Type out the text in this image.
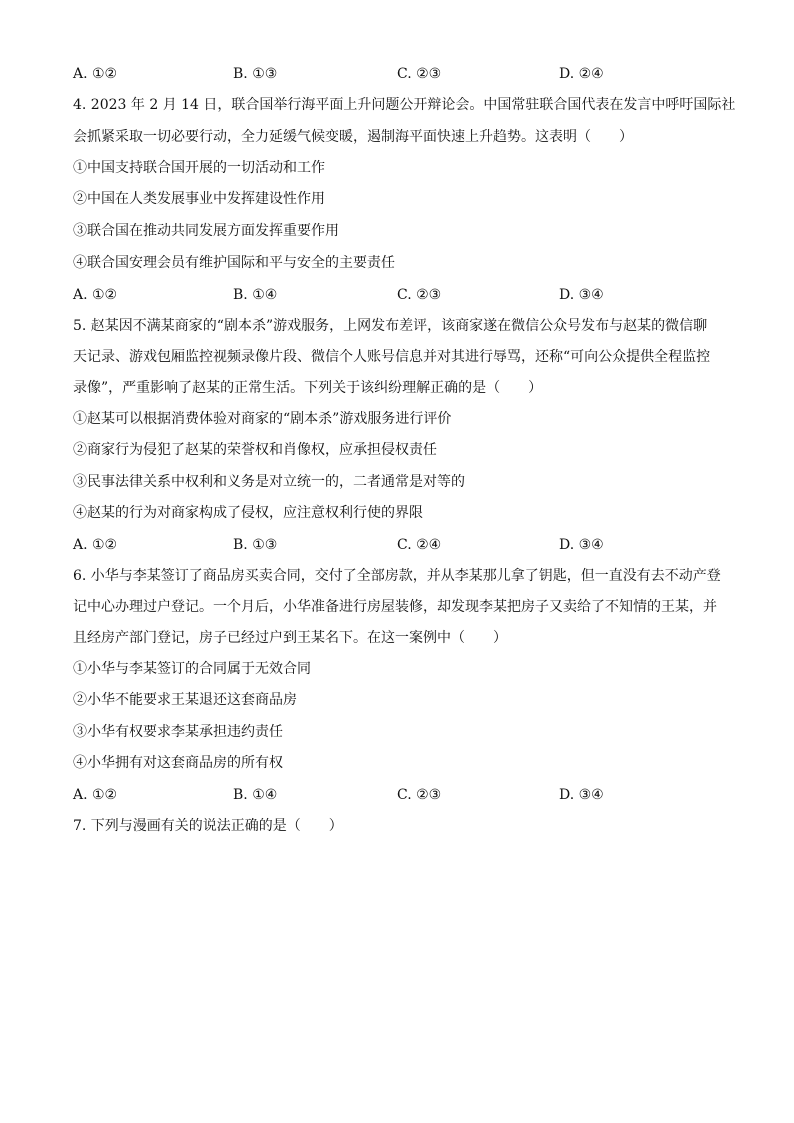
A. ①②	B. ①③	C. ②③	D. ②④
4. 2023 年 2 月 14 日，联合国举行海平面上升问题公开辩论会。中国常驻联合国代表在发言中呼吁国际社
会抓紧采取一切必要行动，全力延缓气候变暖，遏制海平面快速上升趋势。这表明（　　）
①中国支持联合国开展的一切活动和工作
②中国在人类发展事业中发挥建设性作用
③联合国在推动共同发展方面发挥重要作用
④联合国安理会员有维护国际和平与安全的主要责任
A. ①②	B. ①④	C. ②③	D. ③④
5. 赵某因不满某商家的“剧本杀”游戏服务，上网发布差评，该商家遂在微信公众号发布与赵某的微信聊
天记录、游戏包厢监控视频录像片段、微信个人账号信息并对其进行辱骂，还称“可向公众提供全程监控
录像”，严重影响了赵某的正常生活。下列关于该纠纷理解正确的是（　　）
①赵某可以根据消费体验对商家的“剧本杀”游戏服务进行评价
②商家行为侵犯了赵某的荣誉权和肖像权，应承担侵权责任
③民事法律关系中权利和义务是对立统一的，二者通常是对等的
④赵某的行为对商家构成了侵权，应注意权利行使的界限
A. ①②	B. ①③	C. ②④	D. ③④
6. 小华与李某签订了商品房买卖合同，交付了全部房款，并从李某那儿拿了钥匙，但一直没有去不动产登
记中心办理过户登记。一个月后，小华准备进行房屋装修，却发现李某把房子又卖给了不知情的王某，并
且经房产部门登记，房子已经过户到王某名下。在这一案例中（　　）
①小华与李某签订的合同属于无效合同
②小华不能要求王某退还这套商品房
③小华有权要求李某承担违约责任
④小华拥有对这套商品房的所有权
A. ①②	B. ①④	C. ②③	D. ③④
7. 下列与漫画有关的说法正确的是（　　）
